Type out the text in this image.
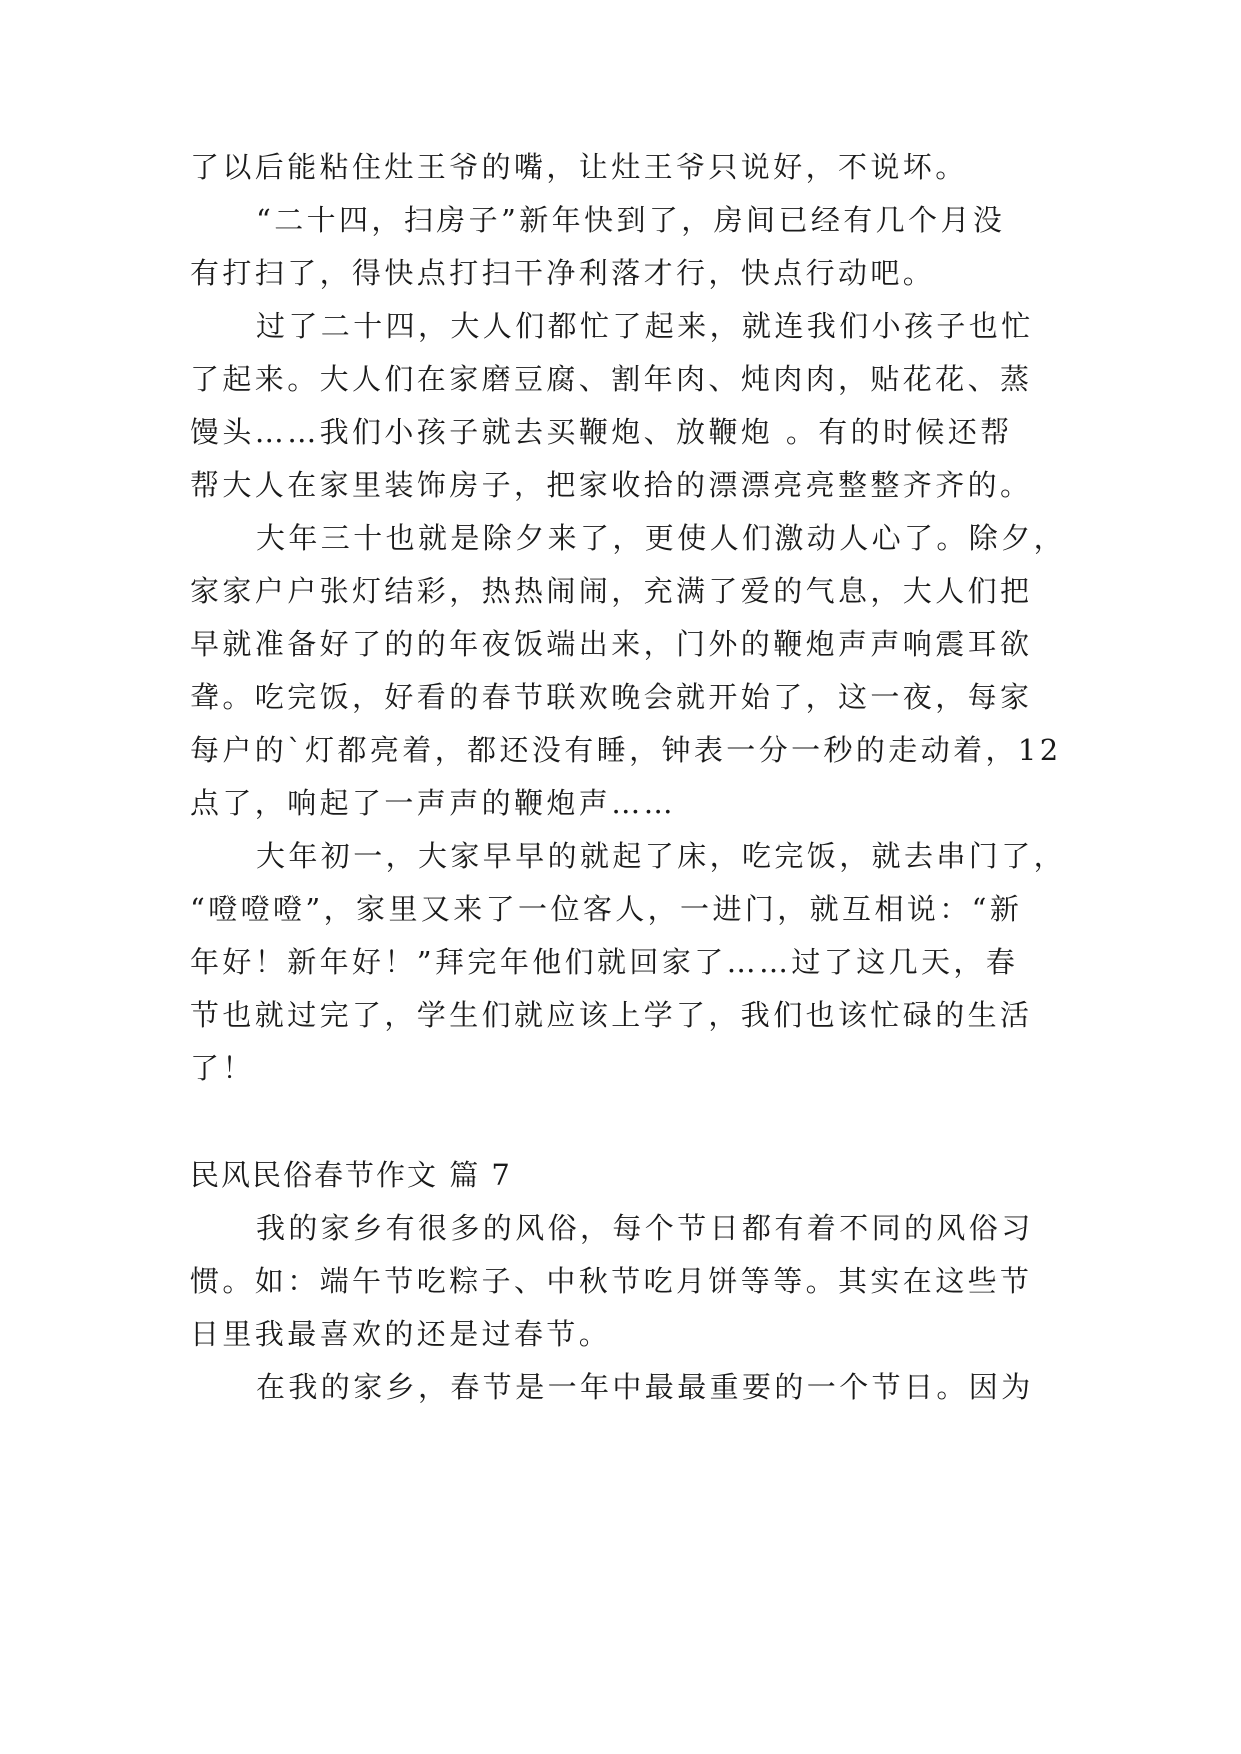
了以后能粘住灶王爷的嘴，让灶王爷只说好，不说坏。
“二十四，扫房子”新年快到了，房间已经有几个月没
有打扫了，得快点打扫干净利落才行，快点行动吧。
过了二十四，大人们都忙了起来，就连我们小孩子也忙
了起来。大人们在家磨豆腐、割年肉、炖肉肉，贴花花、蒸
馒头……我们小孩子就去买鞭炮、放鞭炮 。有的时候还帮
帮大人在家里装饰房子，把家收拾的漂漂亮亮整整齐齐的。
大年三十也就是除夕来了，更使人们激动人心了。除夕，
家家户户张灯结彩，热热闹闹，充满了爱的气息，大人们把
早就准备好了的的年夜饭端出来，门外的鞭炮声声响震耳欲
聋。吃完饭，好看的春节联欢晚会就开始了，这一夜，每家
每户的`灯都亮着，都还没有睡，钟表一分一秒的走动着，12
点了，响起了一声声的鞭炮声……
大年初一，大家早早的就起了床，吃完饭，就去串门了，
“噔噔噔”，家里又来了一位客人，一进门，就互相说：“新
年好！新年好！”拜完年他们就回家了……过了这几天，春
节也就过完了，学生们就应该上学了，我们也该忙碌的生活
了！
民风民俗春节作文 篇 7
我的家乡有很多的风俗，每个节日都有着不同的风俗习
惯。如：端午节吃粽子、中秋节吃月饼等等。其实在这些节
日里我最喜欢的还是过春节。
在我的家乡，春节是一年中最最重要的一个节日。因为
